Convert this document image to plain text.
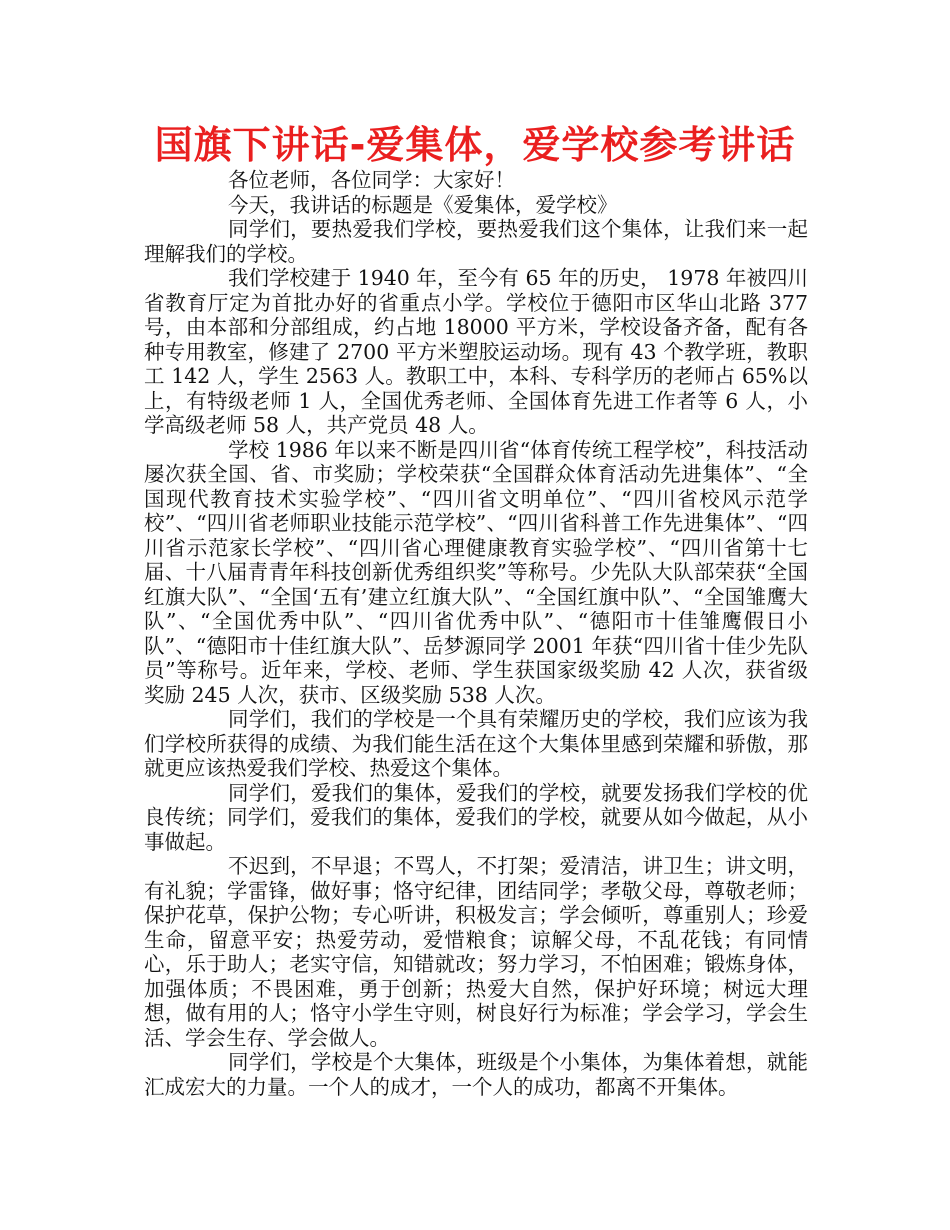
国旗下讲话-爱集体，爱学校参考讲话

各位老师，各位同学：大家好！

今天，我讲话的标题是《爱集体，爱学校》

同学们，要热爱我们学校，要热爱我们这个集体，让我们来一起理解我们的学校。

我们学校建于 1940 年，至今有 65 年的历史， 1978 年被四川省教育厅定为首批办好的省重点小学。学校位于德阳市区华山北路 377 号，由本部和分部组成，约占地 18000 平方米，学校设备齐备，配有各种专用教室，修建了 2700 平方米塑胶运动场。现有 43 个教学班，教职工 142 人，学生 2563 人。教职工中，本科、专科学历的老师占 65%以上，有特级老师 1 人，全国优秀老师、全国体育先进工作者等 6 人，小学高级老师 58 人，共产党员 48 人。

学校 1986 年以来不断是四川省“体育传统工程学校”，科技活动屡次获全国、省、市奖励；学校荣获“全国群众体育活动先进集体”、“全国现代教育技术实验学校”、“四川省文明单位”、“四川省校风示范学校”、“四川省老师职业技能示范学校”、“四川省科普工作先进集体”、“四川省示范家长学校”、“四川省心理健康教育实验学校”、“四川省第十七届、十八届青青年科技创新优秀组织奖”等称号。少先队大队部荣获“全国红旗大队”、“全国‘五有’建立红旗大队”、“全国红旗中队”、“全国雏鹰大队”、“全国优秀中队”、“四川省优秀中队”、“德阳市十佳雏鹰假日小队”、“德阳市十佳红旗大队”、岳梦源同学 2001 年获“四川省十佳少先队员”等称号。近年来，学校、老师、学生获国家级奖励 42 人次，获省级奖励 245 人次，获市、区级奖励 538 人次。

同学们，我们的学校是一个具有荣耀历史的学校，我们应该为我们学校所获得的成绩、为我们能生活在这个大集体里感到荣耀和骄傲，那就更应该热爱我们学校、热爱这个集体。

同学们，爱我们的集体，爱我们的学校，就要发扬我们学校的优良传统；同学们，爱我们的集体，爱我们的学校，就要从如今做起，从小事做起。

不迟到，不早退；不骂人，不打架；爱清洁，讲卫生；讲文明，有礼貌；学雷锋，做好事；恪守纪律，团结同学；孝敬父母，尊敬老师；保护花草，保护公物；专心听讲，积极发言；学会倾听，尊重别人；珍爱生命，留意平安；热爱劳动，爱惜粮食；谅解父母，不乱花钱；有同情心，乐于助人；老实守信，知错就改；努力学习，不怕困难；锻炼身体，加强体质；不畏困难，勇于创新；热爱大自然，保护好环境；树远大理想，做有用的人；恪守小学生守则，树良好行为标准；学会学习，学会生活、学会生存、学会做人。

同学们，学校是个大集体，班级是个小集体，为集体着想，就能汇成宏大的力量。一个人的成才，一个人的成功，都离不开集体。
